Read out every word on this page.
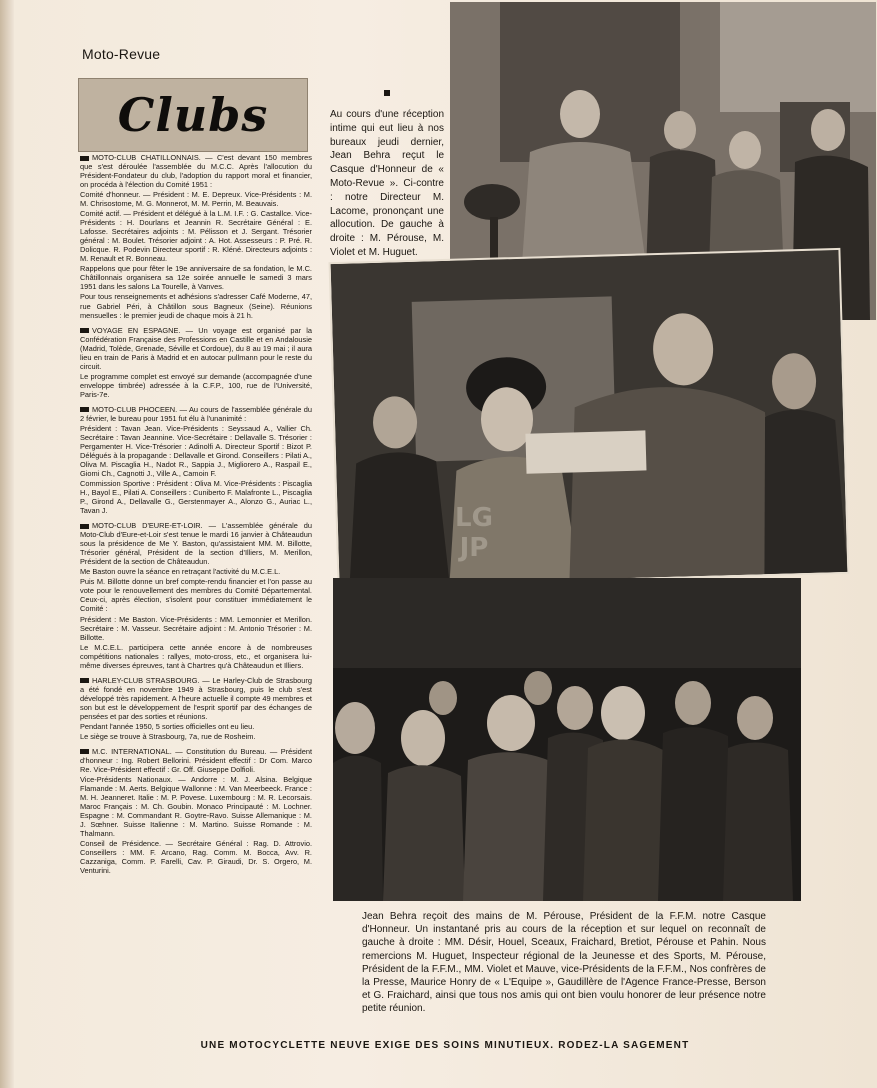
Moto-Revue
Clubs

MOTO-CLUB CHATILLONNAIS. — C'est devant 150 membres que s'est déroulée l'assemblée du M.C.C. Après l'allocution du Président-Fondateur du club, l'adoption du rapport moral et financier, on procéda à l'élection du Comité 1951 :

Comité d'honneur. — Président : M. E. Depreux. Vice-Présidents : M. M. Chrisostome, M. G. Monnerot, M. M. Perrin, M. Beauvais.

Comité actif. — Président et délégué à la L.M. I.F. : G. Castallce. Vice-Présidents : H. Dourlans et Jeannin R. Secrétaire Général : E. Lafosse. Secrétaires adjoints : M. Pélisson et J. Sergant. Trésorier général : M. Boulet. Trésorier adjoint : A. Hot. Assesseurs : P. Pré. R. Dolicque. R. Podevin Directeur sportif : R. Kléné. Directeurs adjoints : M. Renault et R. Bonneau.

Rappelons que pour fêter le 19e anniversaire de sa fondation, le M.C. Châtillonnais organisera sa 12e soirée annuelle le samedi 3 mars 1951 dans les salons La Tourelle, à Vanves.

Pour tous renseignements et adhésions s'adresser Café Moderne, 47, rue Gabriel Péri, à Châtillon sous Bagneux (Seine). Réunions mensuelles : le premier jeudi de chaque mois à 21 h.

VOYAGE EN ESPAGNE. — Un voyage est organisé par la Confédération Française des Professions en Castille et en Andalousie (Madrid, Tolède, Grenade, Séville et Cordoue), du 8 au 19 mai ; il aura lieu en train de Paris à Madrid et en autocar pullmann pour le reste du circuit.

Le programme complet est envoyé sur demande (accompagnée d'une enveloppe timbrée) adressée à la C.F.P., 100, rue de l'Université, Paris-7e.

MOTO-CLUB PHOCEEN. — Au cours de l'assemblée générale du 2 février, le bureau pour 1951 fut élu à l'unanimité :

Président : Tavan Jean. Vice-Présidents : Seyssaud A., Vallier Ch. Secrétaire : Tavan Jeannine. Vice-Secrétaire : Dellavalle S. Trésorier : Pergamenter H. Vice-Trésorier : Adinolfi A. Directeur Sportif : Bizot P. Délégués à la propagande : Dellavalle et Girond. Conseillers : Pilati A., Oliva M. Piscaglia H., Nadot R., Sappia J., Migliorero A., Raspail E., Giomi Ch., Cagnotti J., Ville A., Camoin F.

Commission Sportive : Président : Oliva M. Vice-Présidents : Piscaglia H., Bayol E., Pilati A. Conseillers : Cuniberto F. Malafronte L., Piscaglia P., Girond A., Dellavalle G., Gerstenmayer A., Alonzo G., Auriac L., Tavan J.

MOTO-CLUB D'EURE-ET-LOIR. — L'assemblée générale du Moto-Club d'Eure-et-Loir s'est tenue le mardi 16 janvier à Châteaudun sous la présidence de Me Y. Baston, qu'assistaient MM. M. Billotte, Trésorier général, Président de la section d'Illiers, M. Merillon, Président de la section de Châteaudun.

Me Baston ouvre la séance en retraçant l'activité du M.C.E.L.

Puis M. Billotte donne un bref compte-rendu financier et l'on passe au vote pour le renouvellement des membres du Comité Départemental. Ceux-ci, après élection, s'isolent pour constituer immédiatement le Comité :

Président : Me Baston. Vice-Présidents : MM. Lemonnier et Merillon. Secrétaire : M. Vasseur. Secrétaire adjoint : M. Antonio Trésorier : M. Billotte.

Le M.C.E.L. participera cette année encore à de nombreuses compétitions nationales : rallyes, moto-cross, etc., et organisera lui-même diverses épreuves, tant à Chartres qu'à Châteaudun et Illiers.

HARLEY-CLUB STRASBOURG. — Le Harley-Club de Strasbourg a été fondé en novembre 1949 à Strasbourg, puis le club s'est développé très rapidement. A l'heure actuelle il compte 49 membres et son but est le développement de l'esprit sportif par des échanges de pensées et par des sorties et réunions.

Pendant l'année 1950, 5 sorties officielles ont eu lieu.

Le siège se trouve à Strasbourg, 7a, rue de Rosheim.

M.C. INTERNATIONAL. — Constitution du Bureau. — Président d'honneur : Ing. Robert Bellorini. Président effectif : Dr Com. Marco Re. Vice-Président effectif : Gr. Off. Giuseppe Dolfioli.

Vice-Présidents Nationaux. — Andorre : M. J. Alsina. Belgique Flamande : M. Aerts. Belgique Wallonne : M. Van Meerbeeck. France : M. H. Jeanneret. Italie : M. P. Povese. Luxembourg : M. R. Lecorsais. Maroc Français : M. Ch. Goubin. Monaco Principauté : M. Lochner. Espagne : M. Commandant R. Goytre-Ravo. Suisse Allemanique : M. J. Sœhner. Suisse Italienne : M. Martino. Suisse Romande : M. Thalmann.

Conseil de Présidence. — Secrétaire Général : Rag. D. Attrovio. Conseillers : MM. F. Arcano, Rag. Comm. M. Bocca, Avv. R. Cazzaniga, Comm. P. Farelli, Cav. P. Giraudi, Dr. S. Orgero, M. Venturini.

Au cours d'une réception intime qui eut lieu à nos bureaux jeudi dernier, Jean Behra reçut le Casque d'Honneur de « Moto-Revue ». Ci-contre : notre Directeur M. Lacome, prononçant une allocution. De gauche à droite : M. Pérouse, M. Violet et M. Huguet.
LG JP
Jean Behra reçoit des mains de M. Pérouse, Président de la F.F.M. notre Casque d'Honneur. Un instantané pris au cours de la réception et sur lequel on reconnaît de gauche à droite : MM. Désir, Houel, Sceaux, Fraichard, Bretiot, Pérouse et Pahin. Nous remercions M. Huguet, Inspecteur régional de la Jeunesse et des Sports, M. Pérouse, Président de la F.F.M., MM. Violet et Mauve, vice-Présidents de la F.F.M., Nos confrères de la Presse, Maurice Honry de « L'Equipe », Gaudillère de l'Agence France-Presse, Berson et G. Fraichard, ainsi que tous nos amis qui ont bien voulu honorer de leur présence notre petite réunion.
UNE MOTOCYCLETTE NEUVE EXIGE DES SOINS MINUTIEUX. RODEZ-LA SAGEMENT
